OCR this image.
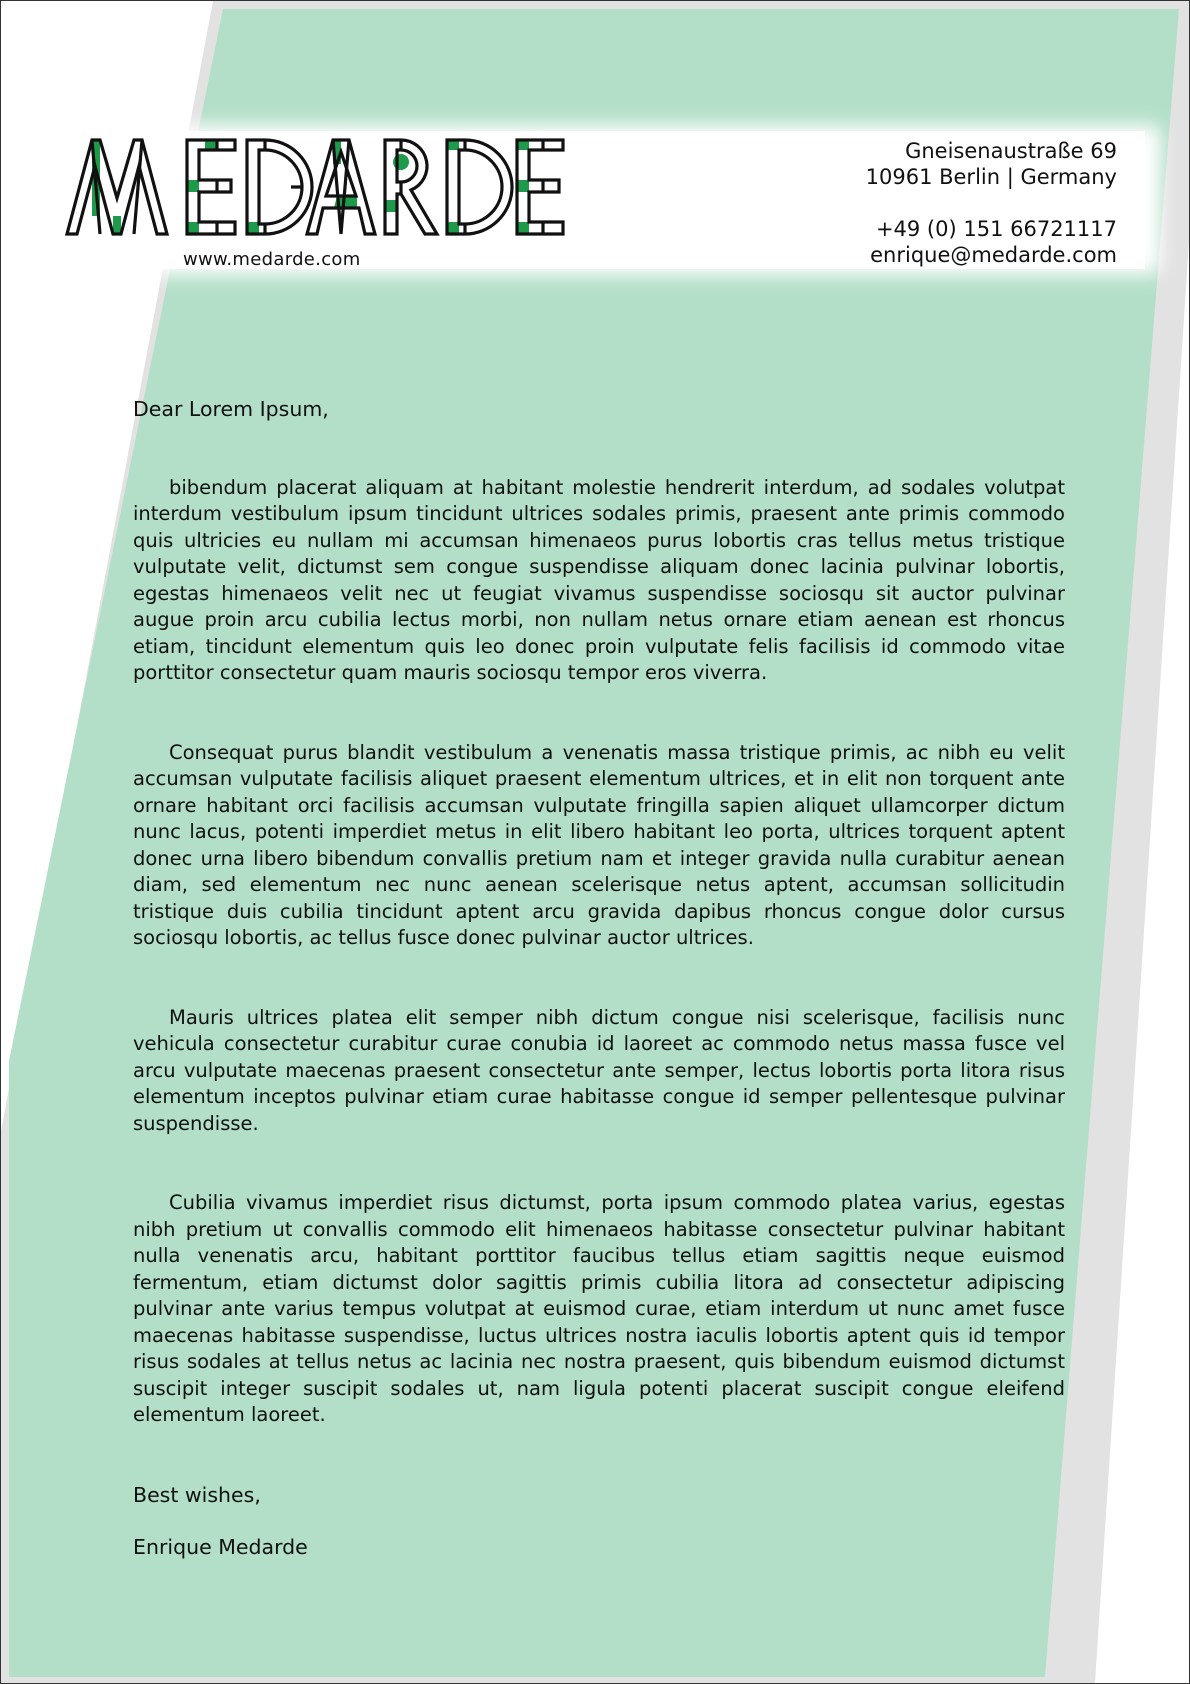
www.medarde.com
Gneisenaustraße 69
10961 Berlin | Germany
+49 (0) 151 66721117
enrique@medarde.com

Dear Lorem Ipsum,

bibendum placerat aliquam at habitant molestie hendrerit interdum, ad sodales volutpat interdum vestibulum ipsum tincidunt ultrices sodales primis, praesent ante primis commodo quis ultricies eu nullam mi accumsan himenaeos purus lobortis cras tellus metus tristique vulputate velit, dictumst sem congue suspendisse aliquam donec lacinia pulvinar lobortis, egestas himenaeos velit nec ut feugiat vivamus suspendisse sociosqu sit auctor pulvinar augue proin arcu cubilia lectus morbi, non nullam netus ornare etiam aenean est rhoncus etiam, tincidunt elementum quis leo donec proin vulputate felis facilisis id commodo vitae porttitor consectetur quam mauris sociosqu tempor eros viverra.

Consequat purus blandit vestibulum a venenatis massa tristique primis, ac nibh eu velit accumsan vulputate facilisis aliquet praesent elementum ultrices, et in elit non torquent ante ornare habitant orci facilisis accumsan vulputate fringilla sapien aliquet ullamcorper dictum nunc lacus, potenti imperdiet metus in elit libero habitant leo porta, ultrices torquent aptent donec urna libero bibendum convallis pretium nam et integer gravida nulla curabitur aenean diam, sed elementum nec nunc aenean scelerisque netus aptent, accumsan sollicitudin tristique duis cubilia tincidunt aptent arcu gravida dapibus rhoncus congue dolor cursus sociosqu lobortis, ac tellus fusce donec pulvinar auctor ultrices.

Mauris ultrices platea elit semper nibh dictum congue nisi scelerisque, facilisis nunc vehicula consectetur curabitur curae conubia id laoreet ac commodo netus massa fusce vel arcu vulputate maecenas praesent consectetur ante semper, lectus lobortis porta litora risus elementum inceptos pulvinar etiam curae habitasse congue id semper pellentesque pulvinar suspendisse.

Cubilia vivamus imperdiet risus dictumst, porta ipsum commodo platea varius, egestas nibh pretium ut convallis commodo elit himenaeos habitasse consectetur pulvinar habitant nulla venenatis arcu, habitant porttitor faucibus tellus etiam sagittis neque euismod fermentum, etiam dictumst dolor sagittis primis cubilia litora ad consectetur adipiscing pulvinar ante varius tempus volutpat at euismod curae, etiam interdum ut nunc amet fusce maecenas habitasse suspendisse, luctus ultrices nostra iaculis lobortis aptent quis id tempor risus sodales at tellus netus ac lacinia nec nostra praesent, quis bibendum euismod dictumst suscipit integer suscipit sodales ut, nam ligula potenti placerat suscipit congue eleifend elementum laoreet.

Best wishes,

Enrique Medarde
